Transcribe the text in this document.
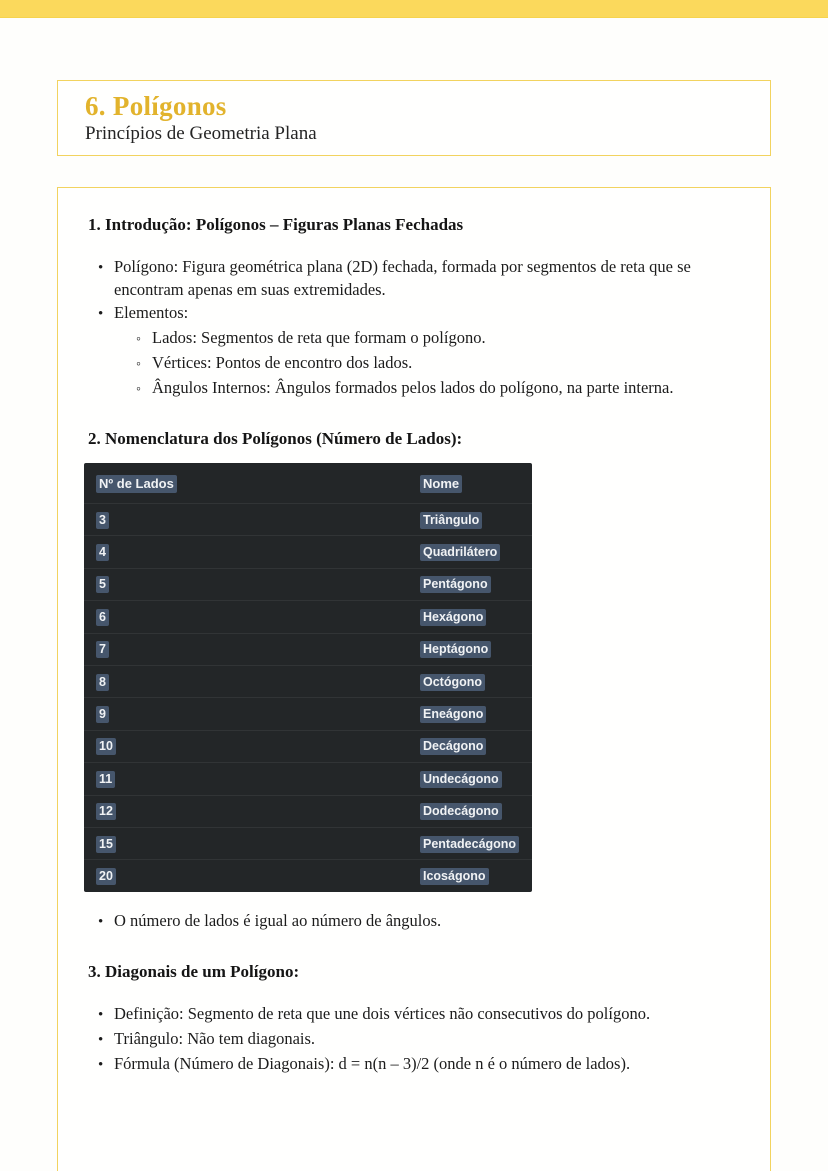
6. Polígonos

Princípios de Geometria Plana

1. Introdução: Polígonos – Figuras Planas Fechadas
•
Polígono: Figura geométrica plana (2D) fechada, formada por segmentos de reta que se encontram apenas em suas extremidades.
•
Elementos:
◦
Lados: Segmentos de reta que formam o polígono.
◦
Vértices: Pontos de encontro dos lados.
◦
Ângulos Internos: Ângulos formados pelos lados do polígono, na parte interna.
2. Nomenclatura dos Polígonos (Número de Lados):
Nº de Lados	Nome
3	Triângulo
4	Quadrilátero
5	Pentágono
6	Hexágono
7	Heptágono
8	Octógono
9	Eneágono
10	Decágono
11	Undecágono
12	Dodecágono
15	Pentadecágono
20	Icoságono
•
O número de lados é igual ao número de ângulos.
3. Diagonais de um Polígono:
•
Definição: Segmento de reta que une dois vértices não consecutivos do polígono.
•
Triângulo: Não tem diagonais.
•
Fórmula (Número de Diagonais): d = n(n – 3)/2 (onde n é o número de lados).
